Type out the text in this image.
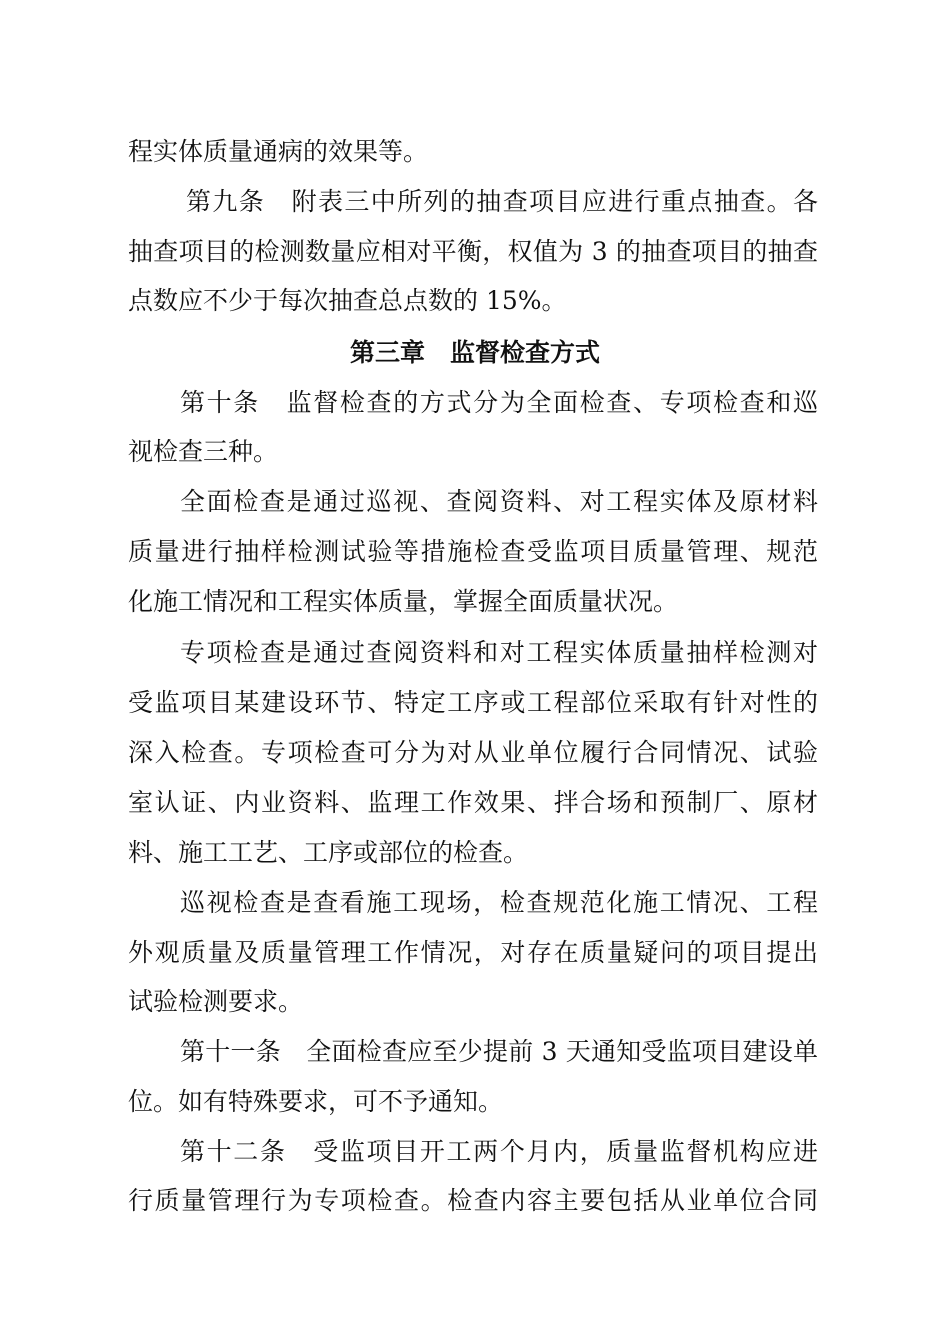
程实体质量通病的效果等。
第九条　附表三中所列的抽查项目应进行重点抽查。各
抽查项目的检测数量应相对平衡，权值为 3 的抽查项目的抽查
点数应不少于每次抽查总点数的 15%。
第三章　监督检查方式
第十条　监督检查的方式分为全面检查、专项检查和巡
视检查三种。
全面检查是通过巡视、查阅资料、对工程实体及原材料
质量进行抽样检测试验等措施检查受监项目质量管理、规范
化施工情况和工程实体质量，掌握全面质量状况。
专项检查是通过查阅资料和对工程实体质量抽样检测对
受监项目某建设环节、特定工序或工程部位采取有针对性的
深入检查。专项检查可分为对从业单位履行合同情况、试验
室认证、内业资料、监理工作效果、拌合场和预制厂、原材
料、施工工艺、工序或部位的检查。
巡视检查是查看施工现场，检查规范化施工情况、工程
外观质量及质量管理工作情况，对存在质量疑问的项目提出
试验检测要求。
第十一条　全面检查应至少提前 3 天通知受监项目建设单
位。如有特殊要求，可不予通知。
第十二条　受监项目开工两个月内，质量监督机构应进
行质量管理行为专项检查。检查内容主要包括从业单位合同
